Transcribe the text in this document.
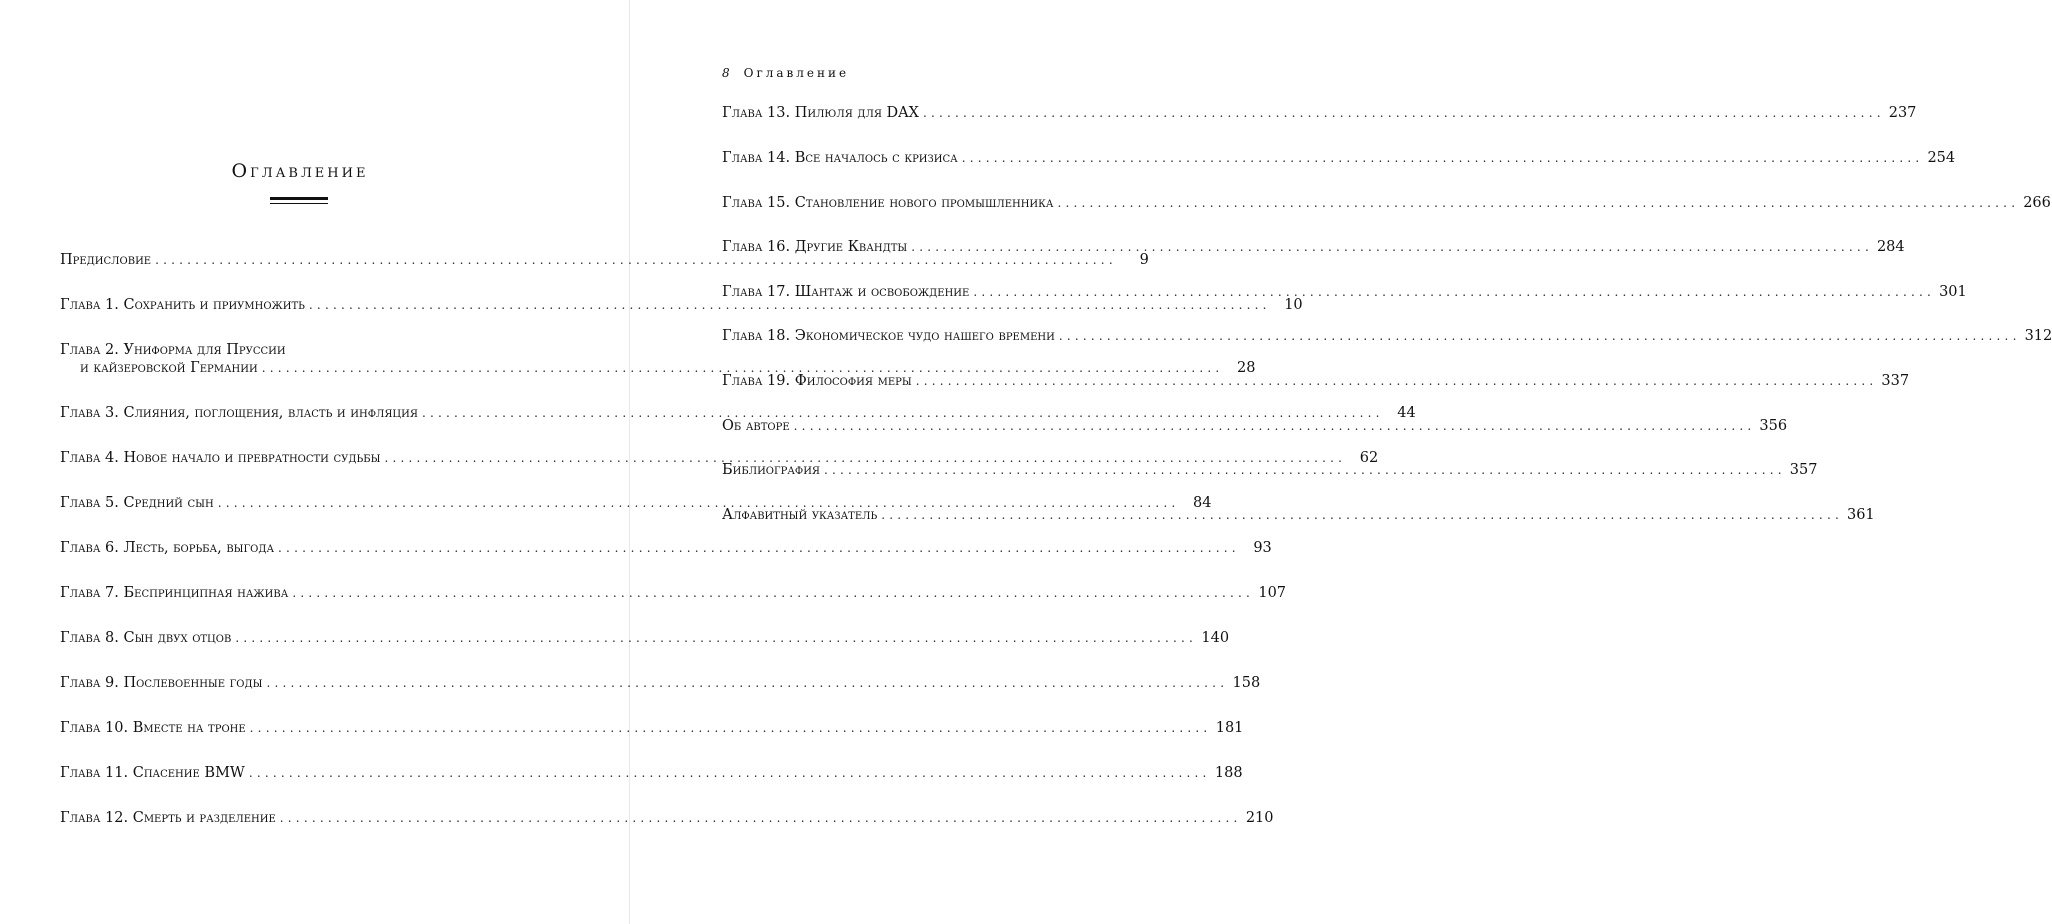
Оглавление
Предисловие ........................................................................................................................	9
Глава 1. Сохранить и приумножить ........................................................................................................................ 10
Глава 2. Униформа для Пруссии
и кайзеровской Германии ........................................................................................................................ 28
Глава 3. Слияния, поглощения, власть и инфляция ........................................................................................................................ 44
Глава 4. Новое начало и превратности судьбы ........................................................................................................................ 62
Глава 5. Средний сын ........................................................................................................................ 84
Глава 6. Лесть, борьба, выгода ........................................................................................................................ 93
Глава 7. Беспринципная нажива ........................................................................................................................ 107
Глава 8. Сын двух отцов ........................................................................................................................ 140
Глава 9. Послевоенные годы ........................................................................................................................ 158
Глава 10. Вместе на троне ........................................................................................................................ 181
Глава 11. Спасение BMW ........................................................................................................................ 188
Глава 12. Смерть и разделение ........................................................................................................................ 210
8 Оглавление
Глава 13. Пилюля для DAX ........................................................................................................................ 237
Глава 14. Все началось с кризиса ........................................................................................................................ 254
Глава 15. Становление нового промышленника ........................................................................................................................ 266
Глава 16. Другие Квандты ........................................................................................................................ 284
Глава 17. Шантаж и освобождение ........................................................................................................................ 301
Глава 18. Экономическое чудо нашего времени ........................................................................................................................ 312
Глава 19. Философия меры ........................................................................................................................ 337
Об авторе ........................................................................................................................ 356
Библиография ........................................................................................................................ 357
Алфавитный указатель ........................................................................................................................ 361
